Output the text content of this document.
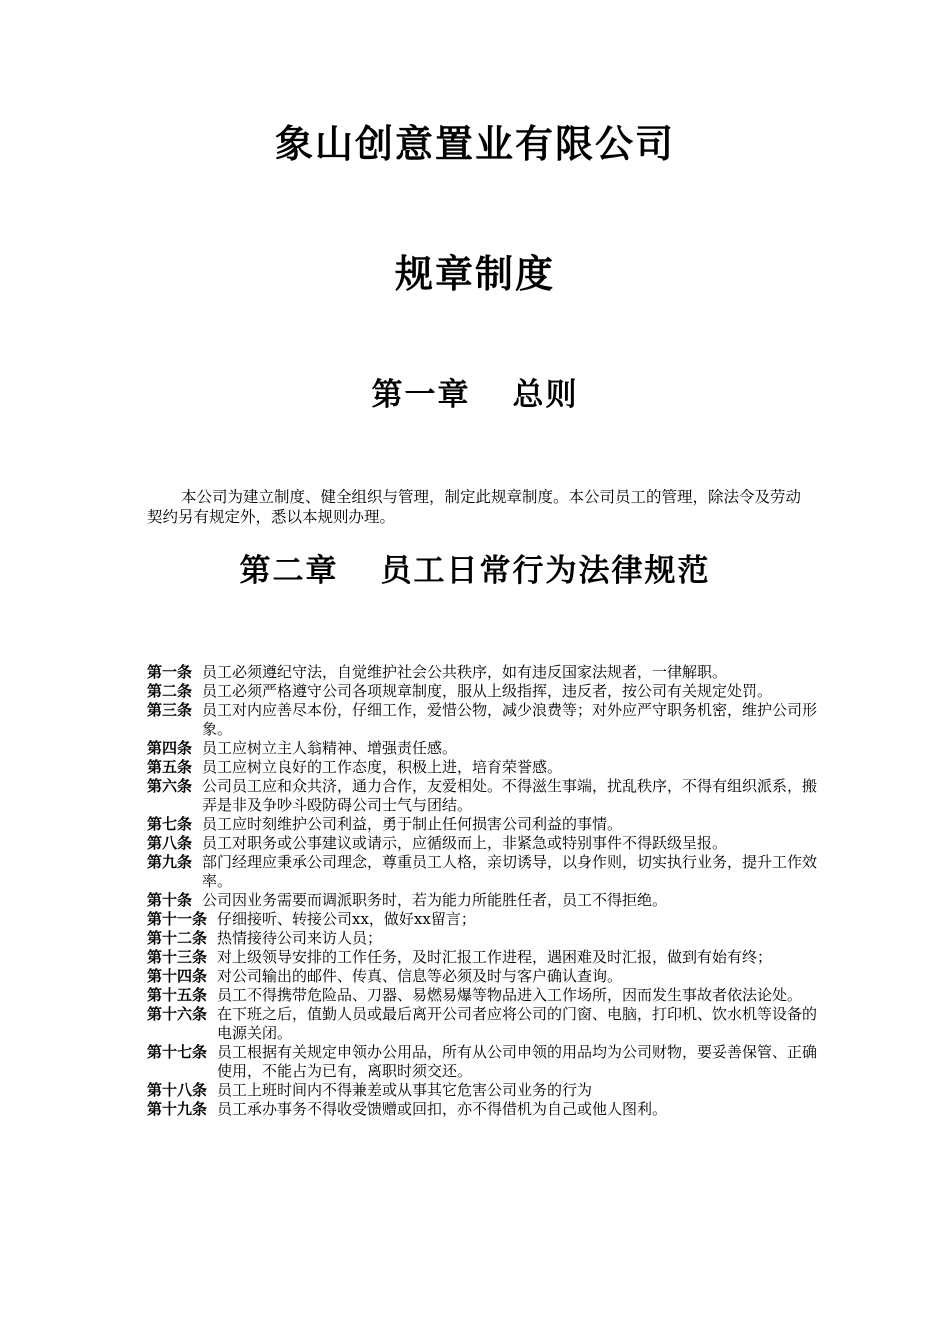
象山创意置业有限公司
规章制度
第一章 总则
本公司为建立制度、健全组织与管理，制定此规章制度。本公司员工的管理，除法令及劳动契约另有规定外，悉以本规则办理。
第二章 员工日常行为法律规范
第一条 员工必须遵纪守法，自觉维护社会公共秩序，如有违反国家法规者，一律解职。
第二条 员工必须严格遵守公司各项规章制度，服从上级指挥，违反者，按公司有关规定处罚。
第三条 员工对内应善尽本份，仔细工作，爱惜公物，减少浪费等；对外应严守职务机密，维护公司形象。
第四条 员工应树立主人翁精神、增强责任感。
第五条 员工应树立良好的工作态度，积极上进，培育荣誉感。
第六条 公司员工应和众共济，通力合作，友爱相处。不得滋生事端，扰乱秩序，不得有组织派系，搬弄是非及争吵斗殴防碍公司士气与团结。
第七条 员工应时刻维护公司利益，勇于制止任何损害公司利益的事情。
第八条 员工对职务或公事建议或请示，应循级而上，非紧急或特别事件不得跃级呈报。
第九条 部门经理应秉承公司理念，尊重员工人格，亲切诱导，以身作则，切实执行业务，提升工作效率。
第十条 公司因业务需要而调派职务时，若为能力所能胜任者，员工不得拒绝。
第十一条 仔细接听、转接公司xx，做好xx留言；
第十二条 热情接待公司来访人员；
第十三条 对上级领导安排的工作任务，及时汇报工作进程，遇困难及时汇报，做到有始有终；
第十四条 对公司输出的邮件、传真、信息等必须及时与客户确认查询。
第十五条 员工不得携带危险品、刀器、易燃易爆等物品进入工作场所，因而发生事故者依法论处。
第十六条 在下班之后，值勤人员或最后离开公司者应将公司的门窗、电脑，打印机、饮水机等设备的电源关闭。
第十七条 员工根据有关规定申领办公用品，所有从公司申领的用品均为公司财物，要妥善保管、正确使用，不能占为已有，离职时须交还。
第十八条 员工上班时间内不得兼差或从事其它危害公司业务的行为
第十九条 员工承办事务不得收受馈赠或回扣，亦不得借机为自己或他人图利。
